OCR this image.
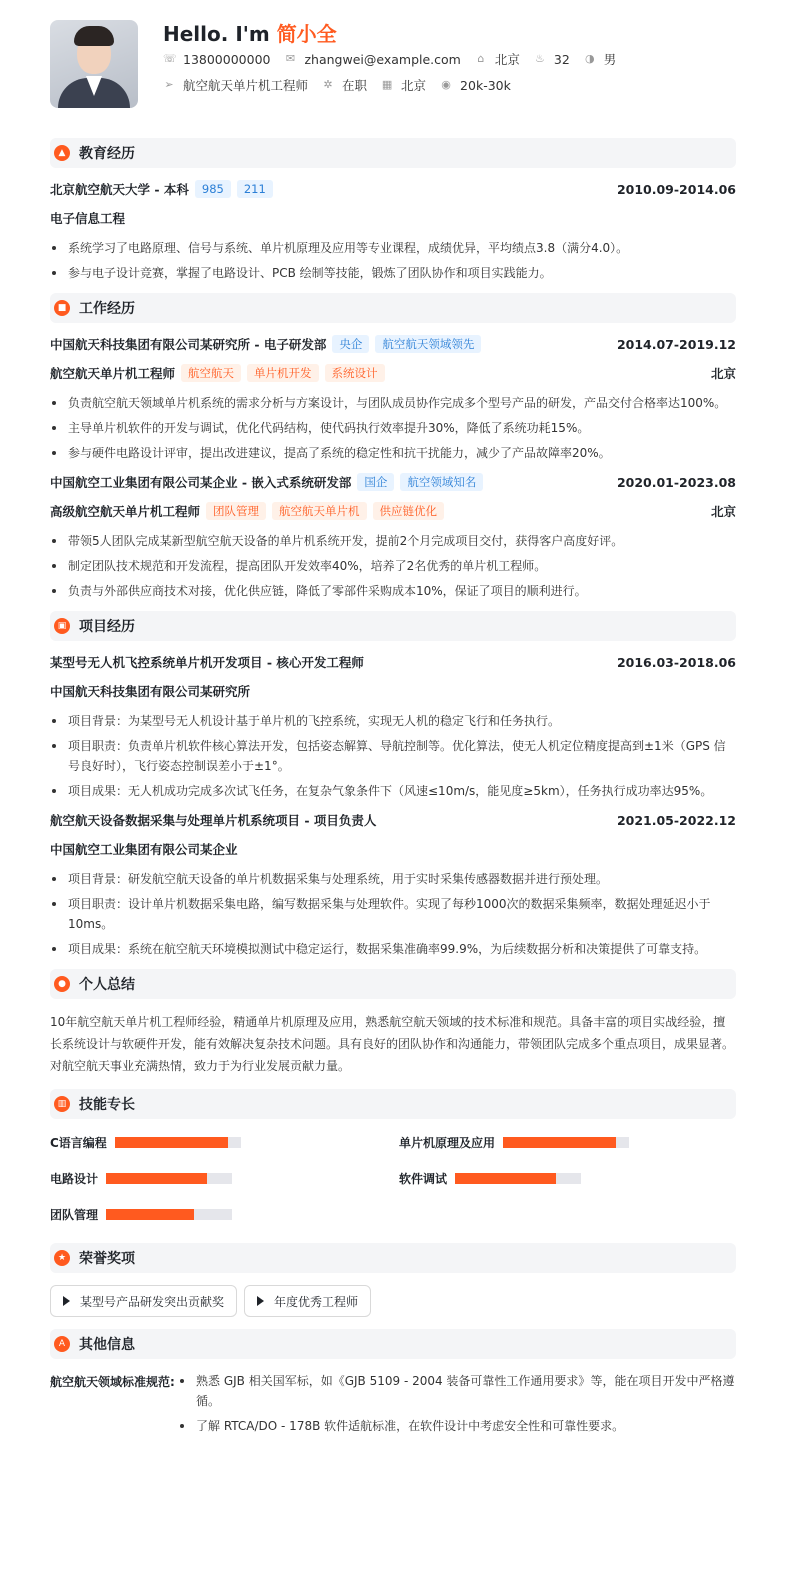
Hello. I'm 简小全
☏ 13800000000 ✉ zhangwei@example.com ⌂ 北京 ♨ 32 ◑ 男
➢ 航空航天单片机工程师 ✲ 在职 ▦ 北京 ◉ 20k-30k
▲ 教育经历
北京航空航天大学 - 本科	985	211	2010.09-2014.06
电子信息工程
系统学习了电路原理、信号与系统、单片机原理及应用等专业课程，成绩优异，平均绩点3.8（满分4.0）。
参与电子设计竞赛，掌握了电路设计、PCB 绘制等技能，锻炼了团队协作和项目实践能力。
■ 工作经历
中国航天科技集团有限公司某研究所 - 电子研发部	央企	航空航天领域领先	2014.07-2019.12
航空航天单片机工程师	航空航天	单片机开发	系统设计	北京
负责航空航天领域单片机系统的需求分析与方案设计，与团队成员协作完成多个型号产品的研发，产品交付合格率达100%。
主导单片机软件的开发与调试，优化代码结构，使代码执行效率提升30%，降低了系统功耗15%。
参与硬件电路设计评审，提出改进建议，提高了系统的稳定性和抗干扰能力，减少了产品故障率20%。
中国航空工业集团有限公司某企业 - 嵌入式系统研发部	国企	航空领域知名	2020.01-2023.08
高级航空航天单片机工程师	团队管理	航空航天单片机	供应链优化	北京
带领5人团队完成某新型航空航天设备的单片机系统开发，提前2个月完成项目交付，获得客户高度好评。
制定团队技术规范和开发流程，提高团队开发效率40%，培养了2名优秀的单片机工程师。
负责与外部供应商技术对接，优化供应链，降低了零部件采购成本10%，保证了项目的顺利进行。
▣ 项目经历
某型号无人机飞控系统单片机开发项目 - 核心开发工程师	2016.03-2018.06
中国航天科技集团有限公司某研究所
项目背景：为某型号无人机设计基于单片机的飞控系统，实现无人机的稳定飞行和任务执行。
项目职责：负责单片机软件核心算法开发，包括姿态解算、导航控制等。优化算法，使无人机定位精度提高到±1米（GPS 信号良好时），飞行姿态控制误差小于±1°。
项目成果：无人机成功完成多次试飞任务，在复杂气象条件下（风速≤10m/s，能见度≥5km），任务执行成功率达95%。
航空航天设备数据采集与处理单片机系统项目 - 项目负责人	2021.05-2022.12
中国航空工业集团有限公司某企业
项目背景：研发航空航天设备的单片机数据采集与处理系统，用于实时采集传感器数据并进行预处理。
项目职责：设计单片机数据采集电路，编写数据采集与处理软件。实现了每秒1000次的数据采集频率，数据处理延迟小于10ms。
项目成果：系统在航空航天环境模拟测试中稳定运行，数据采集准确率99.9%，为后续数据分析和决策提供了可靠支持。
● 个人总结

10年航空航天单片机工程师经验，精通单片机原理及应用，熟悉航空航天领域的技术标准和规范。具备丰富的项目实战经验，擅长系统设计与软硬件开发，能有效解决复杂技术问题。具有良好的团队协作和沟通能力，带领团队完成多个重点项目，成果显著。对航空航天事业充满热情，致力于为行业发展贡献力量。

▥ 技能专长
C语言编程	单片机原理及应用
电路设计	软件调试
团队管理
★ 荣誉奖项
某型号产品研发突出贡献奖	年度优秀工程师
A 其他信息
航空航天领域标准规范:	熟悉 GJB 相关国军标，如《GJB 5109 - 2004 装备可靠性工作通用要求》等，能在项目开发中严格遵循。
了解 RTCA/DO - 178B 软件适航标准，在软件设计中考虑安全性和可靠性要求。
